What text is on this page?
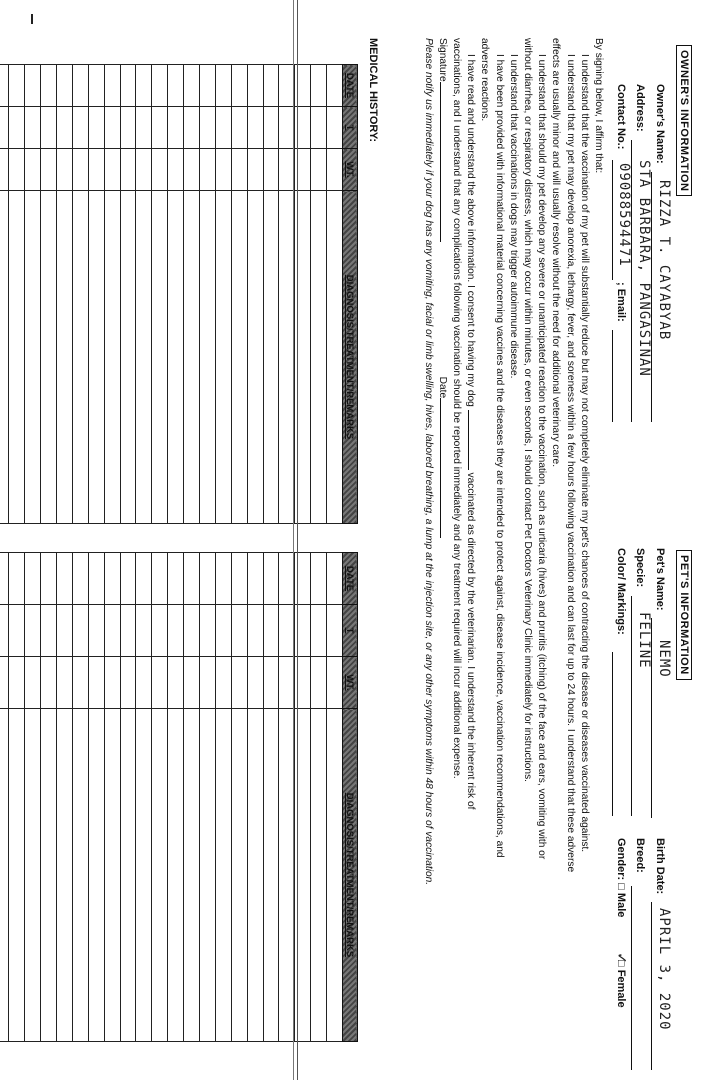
OWNER'S INFORMATION
Owner's Name:
RIZZA T. CAYABYAB
Address:
STA BARBARA, PANGASINAN
Contact No.:
09088594471
; Email:
PET'S INFORMATION
Pet's Name:
NEMO
Birth Date:
APRIL 3, 2020
Specie:
FELINE
Breed:
Color/ Markings:
Gender: □ Male
□ Female
✓
By signing below, I affirm that:
I understand that the vaccination of my pet will substantially reduce but may not completely eliminate my pet's chances of contracting the disease or diseases vaccinated against.
I understand that my pet may develop anorexia, lethargy, fever, and soreness within a few hours following vaccination and can last for up to 24 hours. I understand that these adverse
effects are usually minor and will usually resolve without the need for additional veterinary care.
I understand that should my pet develop any severe or unanticipated reaction to the vaccination, such as urticaria (hives) and pruritis (itching) of the face and ears, vomiting with or
without diarrhea, or respiratory distress, which may occur within minutes, or even seconds, I should contact Pet Doctors Veterinary Clinic immediately for instructions.
I understand that vaccinations in dogs may trigger autoimmune disease.
I have been provided with informational material concerning vaccines and the diseases they are intended to protect against, disease incidence, vaccination recommendations, and
adverse reactions.
I have read and understand the above information. I consent to having my dog  vaccinated as directed by the veterinarian. I understand the inherent risk of
vaccinations, and I understand that any complications following vaccination should be reported immediately and any treatment required will incur additional expense.
SignatureDate
Please notify us immediately if your dog has any vomiting, facial or limb swelling, hives, labored breathing, a lump at the injection site, or any other symptoms within 48 hours of vaccination.
MEDICAL HISTORY:
DATE	T	WT.	DIAGNOSIS/TREATMENT/REMARKS

DATE	T	WT.	DIAGNOSIS/TREATMENT/REMARKS
